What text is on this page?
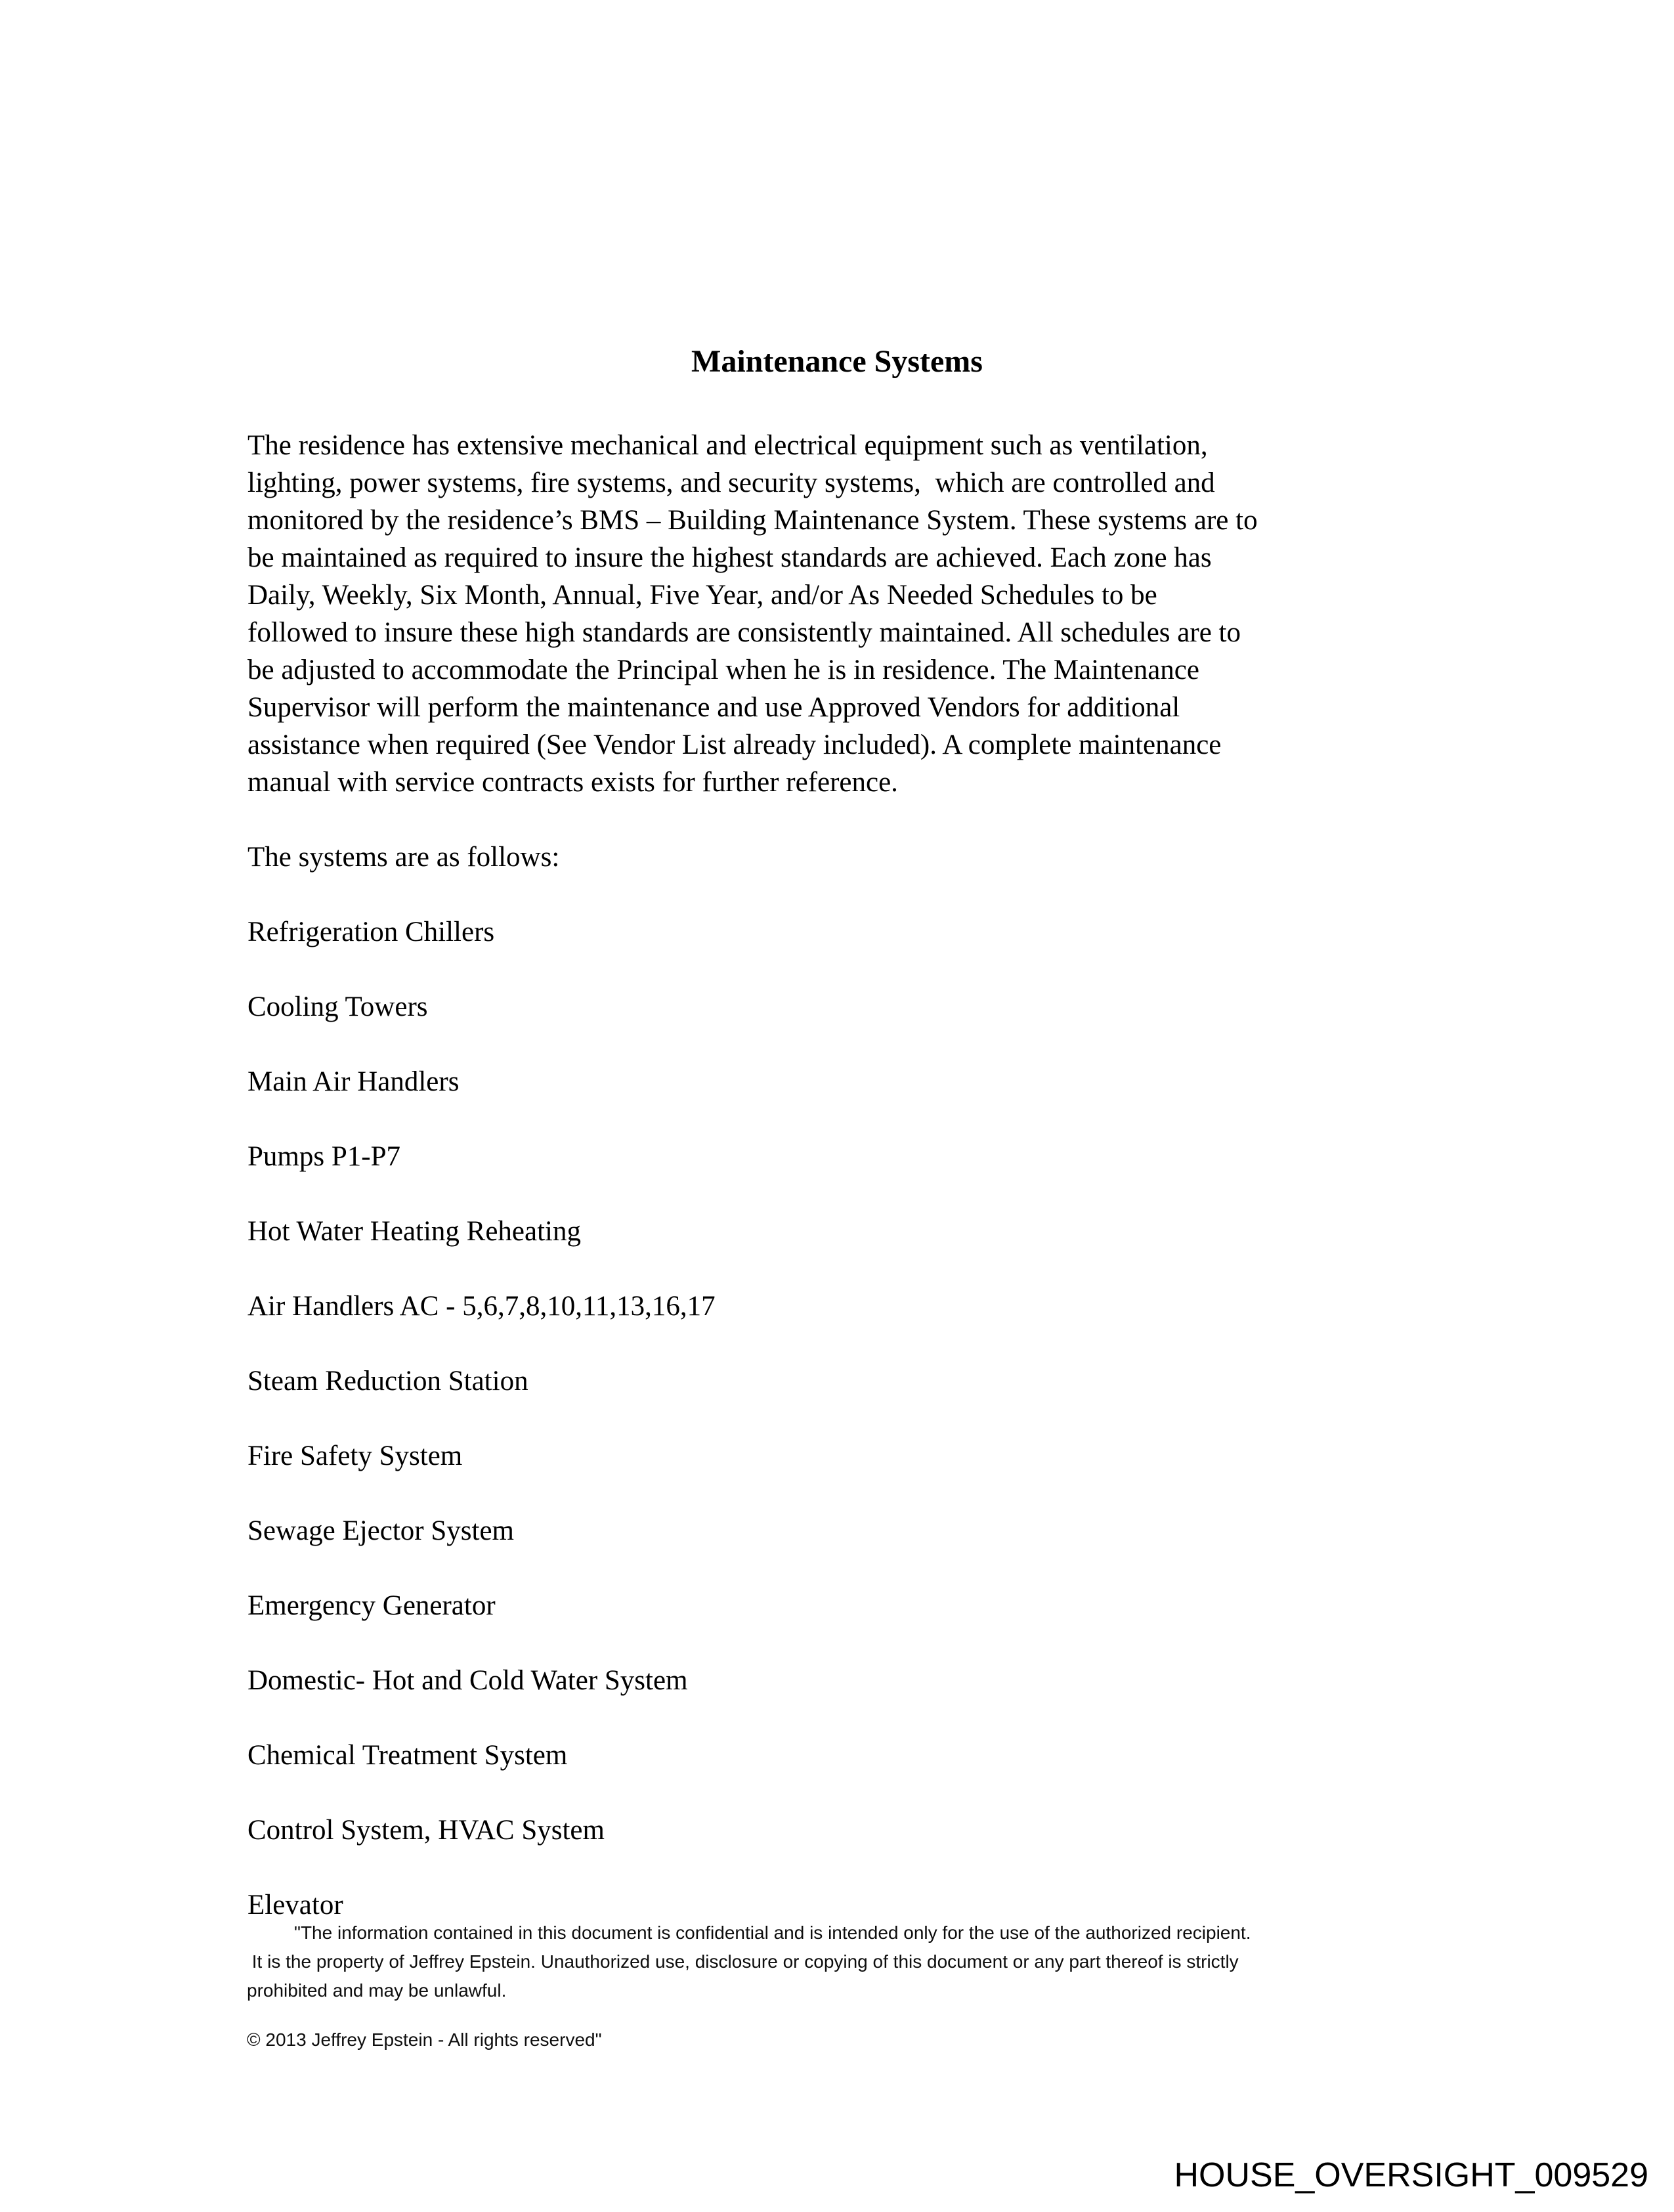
Maintenance Systems
The residence has extensive mechanical and electrical equipment such as ventilation,
lighting, power systems, fire systems, and security systems,  which are controlled and
monitored by the residence’s BMS – Building Maintenance System. These systems are to
be maintained as required to insure the highest standards are achieved. Each zone has
Daily, Weekly, Six Month, Annual, Five Year, and/or As Needed Schedules to be
followed to insure these high standards are consistently maintained. All schedules are to
be adjusted to accommodate the Principal when he is in residence. The Maintenance
Supervisor will perform the maintenance and use Approved Vendors for additional
assistance when required (See Vendor List already included). A complete maintenance
manual with service contracts exists for further reference.
The systems are as follows:
Refrigeration Chillers
Cooling Towers
Main Air Handlers
Pumps P1-P7
Hot Water Heating Reheating
Air Handlers AC - 5,6,7,8,10,11,13,16,17
Steam Reduction Station
Fire Safety System
Sewage Ejector System
Emergency Generator
Domestic- Hot and Cold Water System
Chemical Treatment System
Control System, HVAC System
Elevator
"The information contained in this document is confidential and is intended only for the use of the authorized recipient.
It is the property of Jeffrey Epstein. Unauthorized use, disclosure or copying of this document or any part thereof is strictly
prohibited and may be unlawful.
© 2013 Jeffrey Epstein - All rights reserved"
HOUSE_OVERSIGHT_009529
